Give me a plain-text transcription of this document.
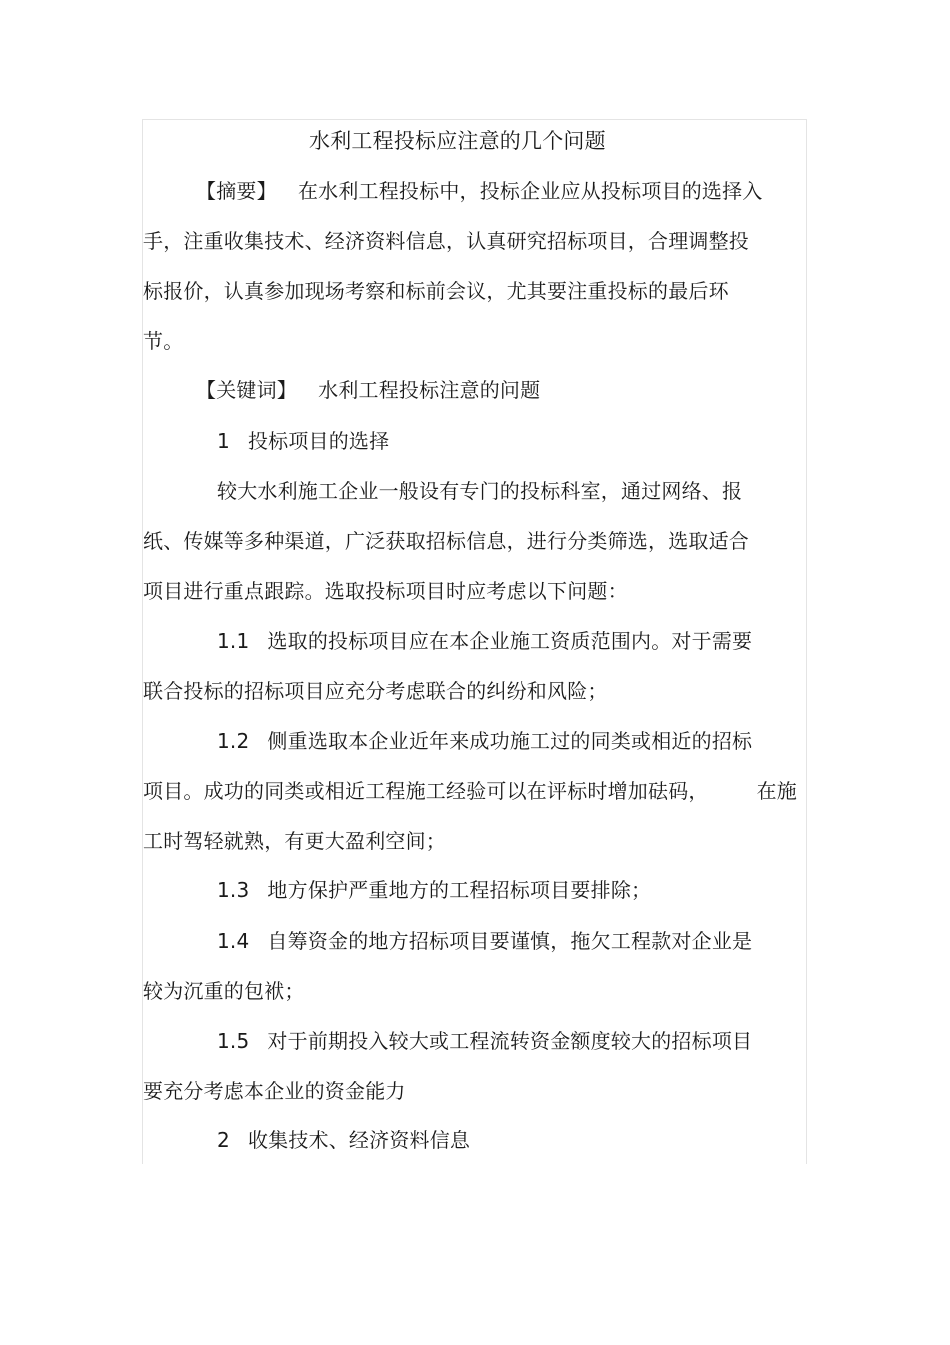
水利工程投标应注意的几个问题
【摘要】 在水利工程投标中，投标企业应从投标项目的选择入
手，注重收集技术、经济资料信息，认真研究招标项目，合理调整投
标报价，认真参加现场考察和标前会议，尤其要注重投标的最后环
节。
【关键词】 水利工程投标注意的问题
1 投标项目的选择
较大水利施工企业一般设有专门的投标科室，通过网络、报
纸、传媒等多种渠道，广泛获取招标信息，进行分类筛选，选取适合
项目进行重点跟踪。选取投标项目时应考虑以下问题：
1.1 选取的投标项目应在本企业施工资质范围内。对于需要
联合投标的招标项目应充分考虑联合的纠纷和风险；
1.2 侧重选取本企业近年来成功施工过的同类或相近的招标
项目。成功的同类或相近工程施工经验可以在评标时增加砝码， 在施
工时驾轻就熟，有更大盈利空间；
1.3 地方保护严重地方的工程招标项目要排除；
1.4 自筹资金的地方招标项目要谨慎，拖欠工程款对企业是
较为沉重的包袱；
1.5 对于前期投入较大或工程流转资金额度较大的招标项目
要充分考虑本企业的资金能力
2 收集技术、经济资料信息
